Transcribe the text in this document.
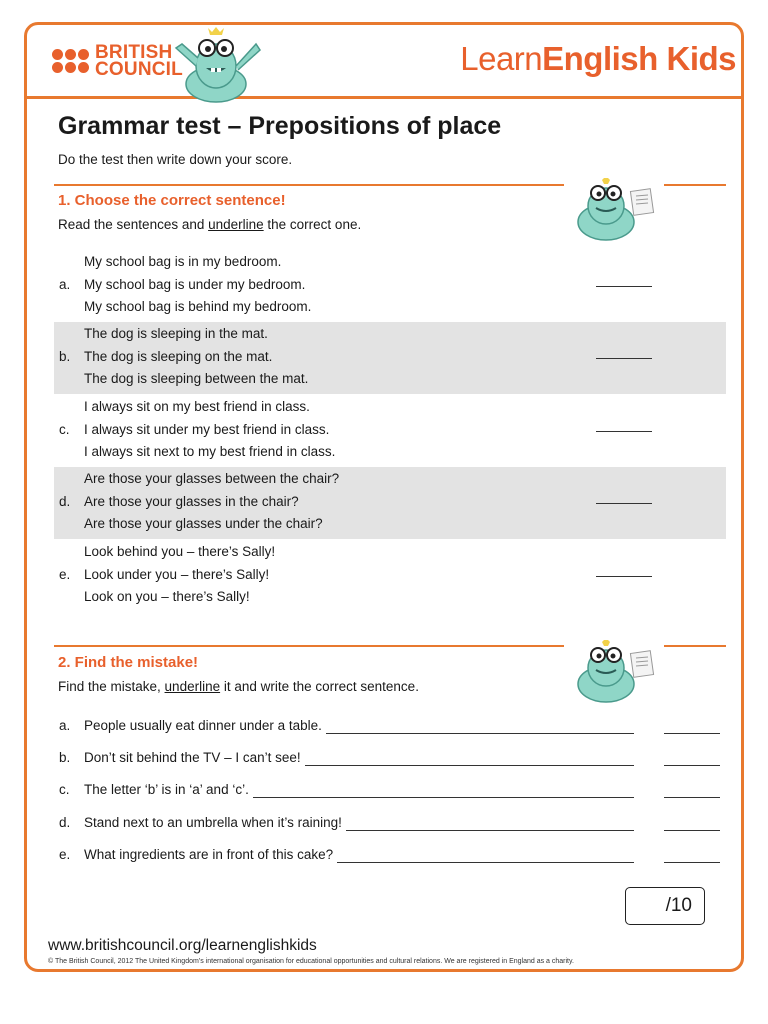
BRITISH
COUNCIL	LearnEnglish Kids
Grammar test – Prepositions of place
Do the test then write down your score.
1. Choose the correct sentence!
Read the sentences and underline the correct one.
a.
My school bag is in my bedroom.
My school bag is under my bedroom.
My school bag is behind my bedroom.
b.
The dog is sleeping in the mat.
The dog is sleeping on the mat.
The dog is sleeping between the mat.
c.
I always sit on my best friend in class.
I always sit under my best friend in class.
I always sit next to my best friend in class.
d.
Are those your glasses between the chair?
Are those your glasses in the chair?
Are those your glasses under the chair?
e.
Look behind you – there’s Sally!
Look under you – there’s Sally!
Look on you – there’s Sally!
2. Find the mistake!
Find the mistake, underline it and write the correct sentence.
a. People usually eat dinner under a table.
b. Don’t sit behind the TV – I can’t see!
c. The letter ‘b’ is in ‘a’ and ‘c’.
d. Stand next to an umbrella when it’s raining!
e. What ingredients are in front of this cake?
/10
www.britishcouncil.org/learnenglishkids
© The British Council, 2012 The United Kingdom’s international organisation for educational opportunities and cultural relations. We are registered in England as a charity.
